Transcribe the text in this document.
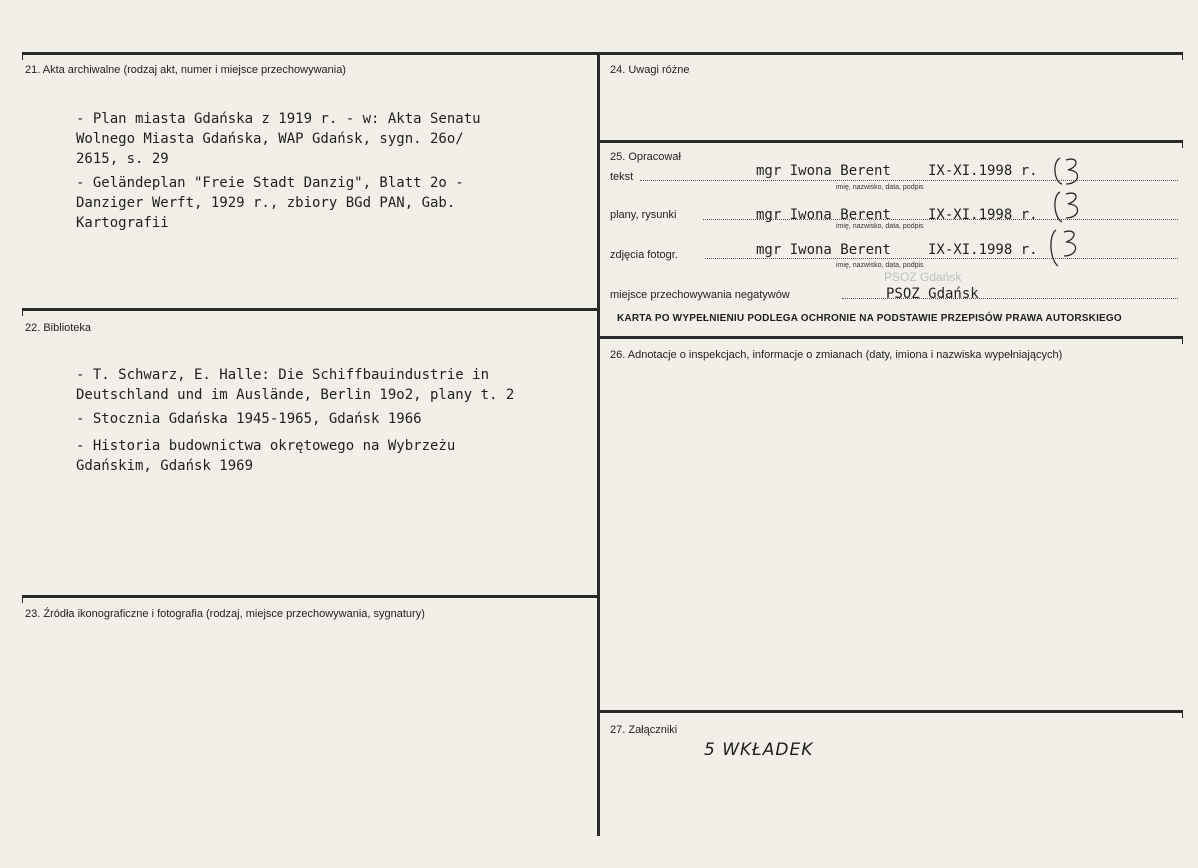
21. Akta archiwalne (rodzaj akt, numer i miejsce przechowywania)
- Plan miasta Gdańska z 1919 r. - w: Akta Senatu
Wolnego Miasta Gdańska, WAP Gdańsk, sygn. 26o/
2615, s. 29
- Geländeplan "Freie Stadt Danzig", Blatt 2o -
Danziger Werft, 1929 r., zbiory BGd PAN, Gab.
Kartografii
22. Biblioteka
- T. Schwarz, E. Halle: Die Schiffbauindustrie in
Deutschland und im Auslände, Berlin 19o2, plany t. 2
- Stocznia Gdańska 1945-1965, Gdańsk 1966
- Historia budownictwa okrętowego na Wybrzeżu
Gdańskim, Gdańsk 1969
23. Źródła ikonograficzne i fotografia (rodzaj, miejsce przechowywania, sygnatury)
24. Uwagi różne
25. Opracował
tekst	mgr Iwona Berent	IX-XI.1998 r.
imię, nazwisko, data, podpis
plany, rysunki	mgr Iwona Berent	IX-XI.1998 r.
imię, nazwisko, data, podpis
zdjęcia fotogr.	mgr Iwona Berent	IX-XI.1998 r.
imię, nazwisko, data, podpis
PSOZ Gdańsk
miejsce przechowywania negatywów	PSOZ Gdańsk
KARTA PO WYPEŁNIENIU PODLEGA OCHRONIE NA PODSTAWIE PRZEPISÓW PRAWA AUTORSKIEGO
26. Adnotacje o inspekcjach, informacje o zmianach (daty, imiona i nazwiska wypełniających)
27. Załączniki
5 WKŁADEK
